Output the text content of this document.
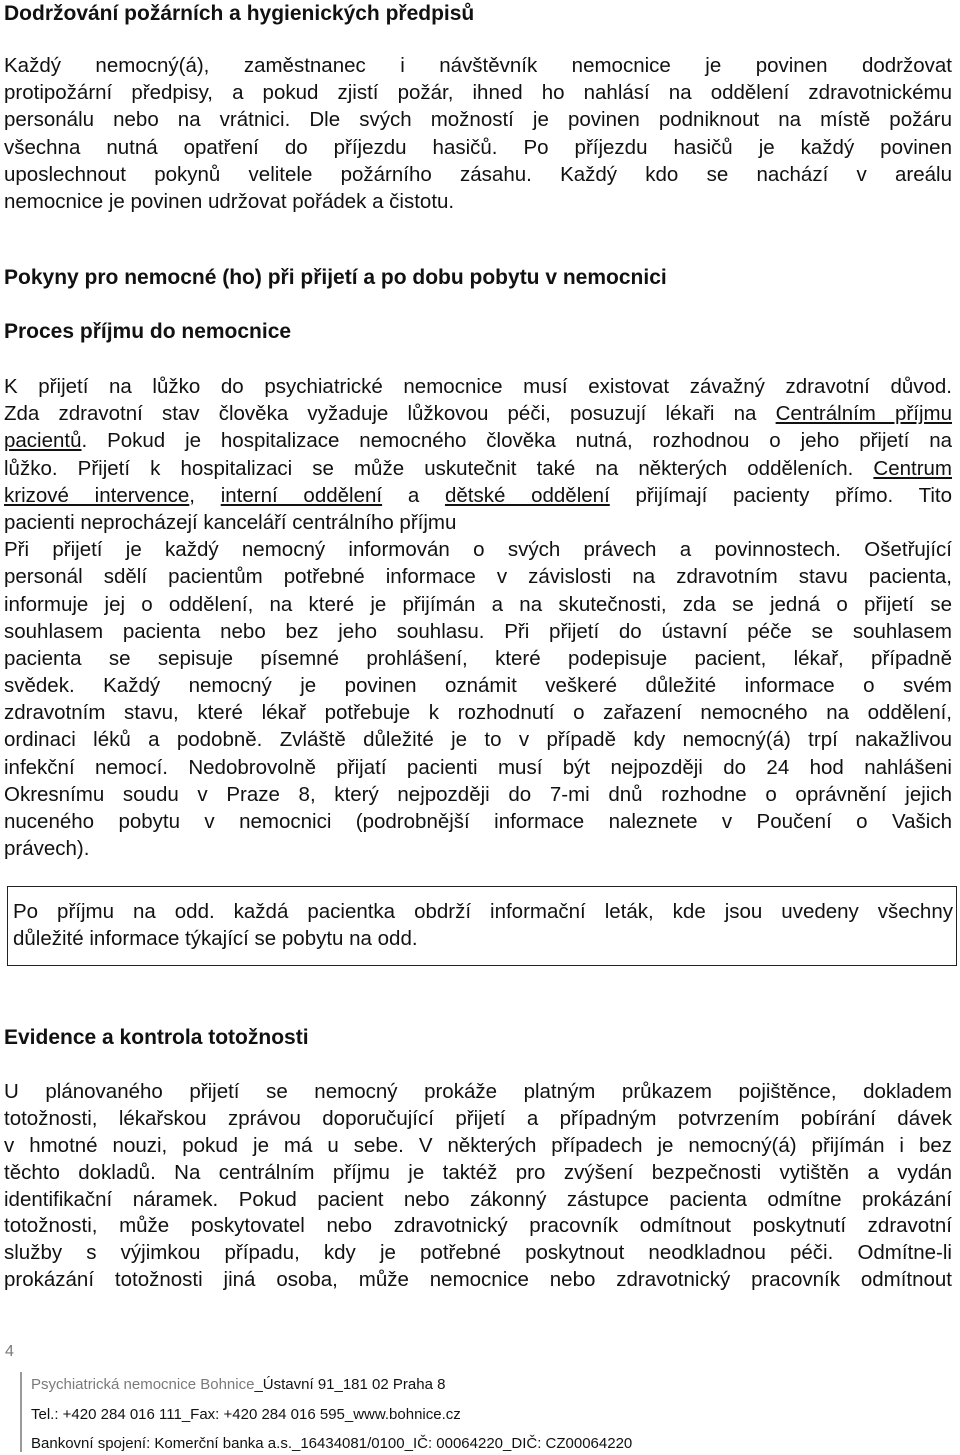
Dodržování požárních a hygienických předpisů
Každý nemocný(á), zaměstnanec i návštěvník nemocnice je povinen dodržovat
protipožární předpisy, a pokud zjistí požár, ihned ho nahlásí na oddělení zdravotnickému
personálu nebo na vrátnici. Dle svých možností je povinen podniknout na místě požáru
všechna nutná opatření do příjezdu hasičů. Po příjezdu hasičů je každý povinen
uposlechnout pokynů velitele požárního zásahu. Každý kdo se nachází v areálu
nemocnice je povinen udržovat pořádek a čistotu.
Pokyny pro nemocné (ho) při přijetí a po dobu pobytu v nemocnici
Proces příjmu do nemocnice
K přijetí na lůžko do psychiatrické nemocnice musí existovat závažný zdravotní důvod.
Zda zdravotní stav člověka vyžaduje lůžkovou péči, posuzují lékaři na Centrálním příjmu
pacientů. Pokud je hospitalizace nemocného člověka nutná, rozhodnou o jeho přijetí na
lůžko. Přijetí k hospitalizaci se může uskutečnit také na některých odděleních. Centrum
krizové intervence, interní oddělení a dětské oddělení přijímají pacienty přímo. Tito
pacienti neprocházejí kanceláří centrálního příjmu
Při přijetí je každý nemocný informován o svých právech a povinnostech. Ošetřující
personál sdělí pacientům potřebné informace v závislosti na zdravotním stavu pacienta,
informuje jej o oddělení, na které je přijímán a na skutečnosti, zda se jedná o přijetí se
souhlasem pacienta nebo bez jeho souhlasu. Při přijetí do ústavní péče se souhlasem
pacienta se sepisuje písemné prohlášení, které podepisuje pacient, lékař, případně
svědek. Každý nemocný je povinen oznámit veškeré důležité informace o svém
zdravotním stavu, které lékař potřebuje k rozhodnutí o zařazení nemocného na oddělení,
ordinaci léků a podobně. Zvláště důležité je to v případě kdy nemocný(á) trpí nakažlivou
infekční nemocí. Nedobrovolně přijatí pacienti musí být nejpozději do 24 hod nahlášeni
Okresnímu soudu v Praze 8, který nejpozději do 7-mi dnů rozhodne o oprávnění jejich
nuceného pobytu v nemocnici (podrobnější informace naleznete v Poučení o Vašich
právech).
Po příjmu na odd. každá pacientka obdrží informační leták, kde jsou uvedeny všechny
důležité informace týkající se pobytu na odd.
Evidence a kontrola totožnosti
U plánovaného přijetí se nemocný prokáže platným průkazem pojištěnce, dokladem
totožnosti, lékařskou zprávou doporučující přijetí a případným potvrzením pobírání dávek
v hmotné nouzi, pokud je má u sebe. V některých případech je nemocný(á) přijímán i bez
těchto dokladů. Na centrálním příjmu je taktéž pro zvýšení bezpečnosti vytištěn a vydán
identifikační náramek. Pokud pacient nebo zákonný zástupce pacienta odmítne prokázání
totožnosti, může poskytovatel nebo zdravotnický pracovník odmítnout poskytnutí zdravotní
služby s výjimkou případu, kdy je potřebné poskytnout neodkladnou péči. Odmítne-li
prokázání totožnosti jiná osoba, může nemocnice nebo zdravotnický pracovník odmítnout
4
Psychiatrická nemocnice Bohnice_Ústavní 91_181 02 Praha 8
Tel.: +420 284 016 111_Fax: +420 284 016 595_www.bohnice.cz
Bankovní spojení: Komerční banka a.s._16434081/0100_IČ: 00064220_DIČ: CZ00064220
